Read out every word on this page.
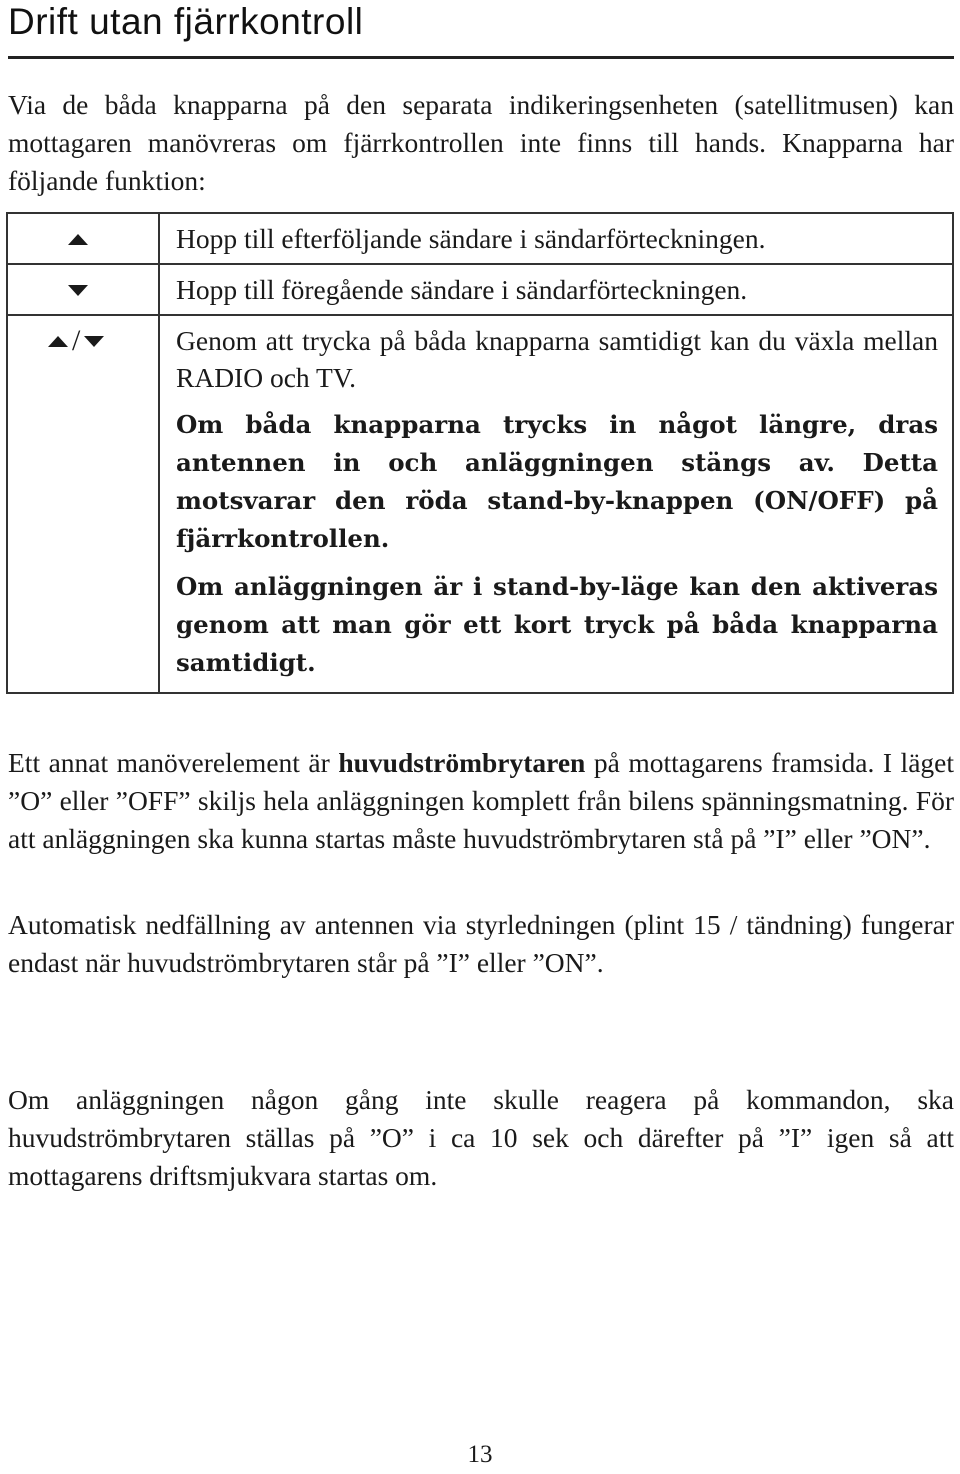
Drift utan fjärrkontroll

Via de båda knapparna på den separata indikeringsenheten (satellitmusen) kan mottagaren manövreras om fjärrkontrollen inte finns till hands. Knapparna har följande funktion:

	Hopp till efterföljande sändare i sändarförteckningen.

	Hopp till föregående sändare i sändarförteckningen.

/	Genom att trycka på båda knapparna samtidigt kan du växla mellan RADIO och TV.

Om båda knapparna trycks in något längre, dras antennen in och anläggningen stängs av. Detta motsvarar den röda stand-by-knappen (ON/OFF) på fjärrkontrollen.

Om anläggningen är i stand-by-läge kan den aktiveras genom att man gör ett kort tryck på båda knapparna samtidigt.

Ett annat manöverelement är huvudströmbrytaren på mottagarens framsida. I läget ”O” eller ”OFF” skiljs hela anläggningen komplett från bilens spänningsmatning. För att anläggningen ska kunna startas måste huvudströmbrytaren stå på ”I” eller ”ON”.

Automatisk nedfällning av antennen via styrledningen (plint 15 / tändning) fungerar endast när huvudströmbrytaren står på ”I” eller ”ON”.

Om anläggningen någon gång inte skulle reagera på kommandon, ska huvudströmbrytaren ställas på ”O” i ca 10 sek och därefter på ”I” igen så att mottagarens driftsmjukvara startas om.

13
